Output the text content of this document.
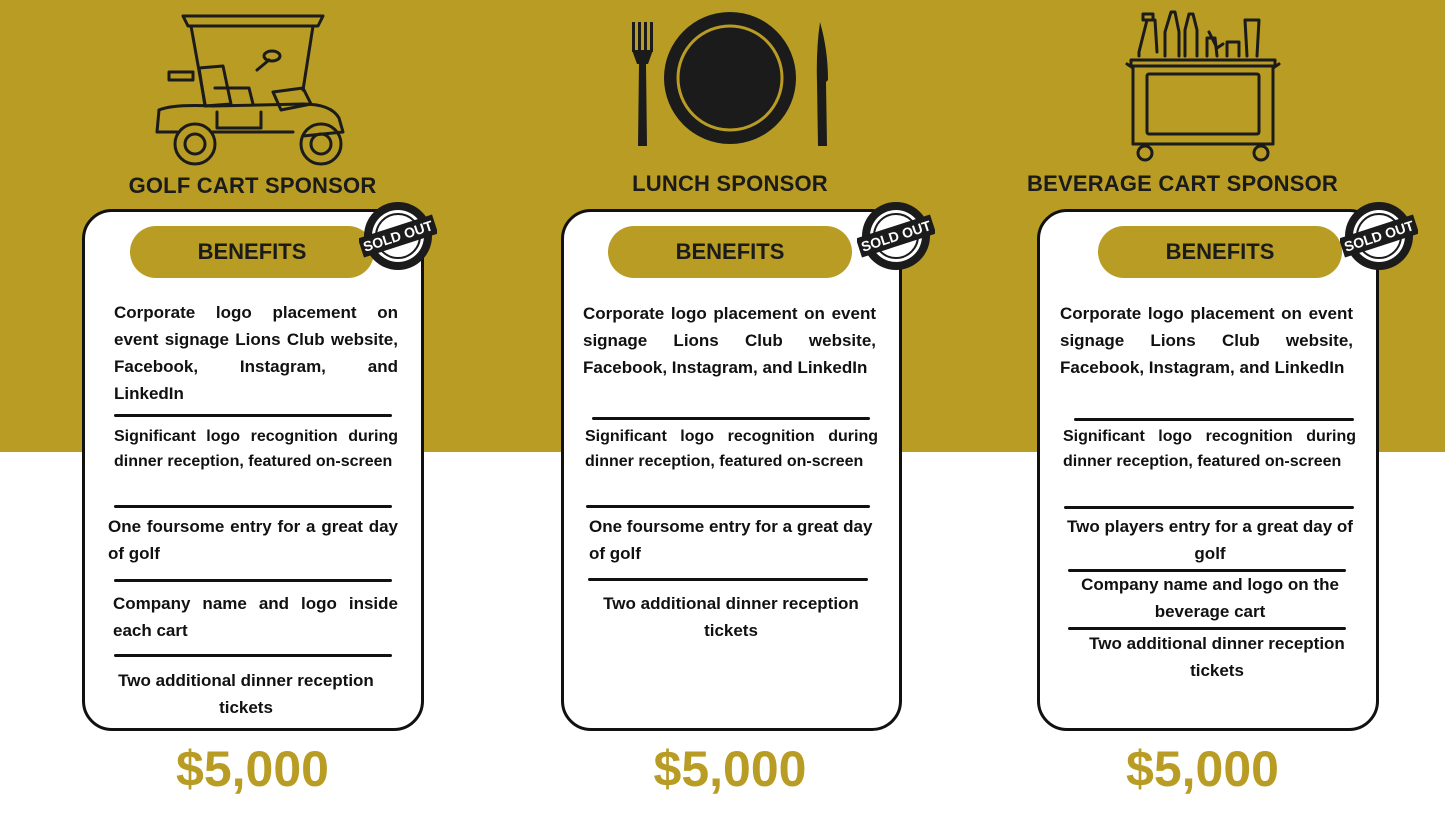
GOLF CART SPONSOR
BENEFITS	SOLD OUT
Corporate logo placement on event signage Lions Club website, Facebook, Instagram, and LinkedIn
Significant logo recognition during dinner reception, featured on-screen
One foursome entry for a great day of golf
Company name and logo inside each cart
Two additional dinner reception tickets
$5,000
LUNCH SPONSOR
BENEFITS	SOLD OUT
Corporate logo placement on event signage Lions Club website, Facebook, Instagram, and LinkedIn
Significant logo recognition during dinner reception, featured on-screen
One foursome entry for a great day of golf
Two additional dinner reception tickets
$5,000
BEVERAGE CART SPONSOR
BENEFITS	SOLD OUT
Corporate logo placement on event signage Lions Club website, Facebook, Instagram, and LinkedIn
Significant logo recognition during dinner reception, featured on-screen
Two players entry for a great day of golf
Company name and logo on the beverage cart
Two additional dinner reception tickets
$5,000
